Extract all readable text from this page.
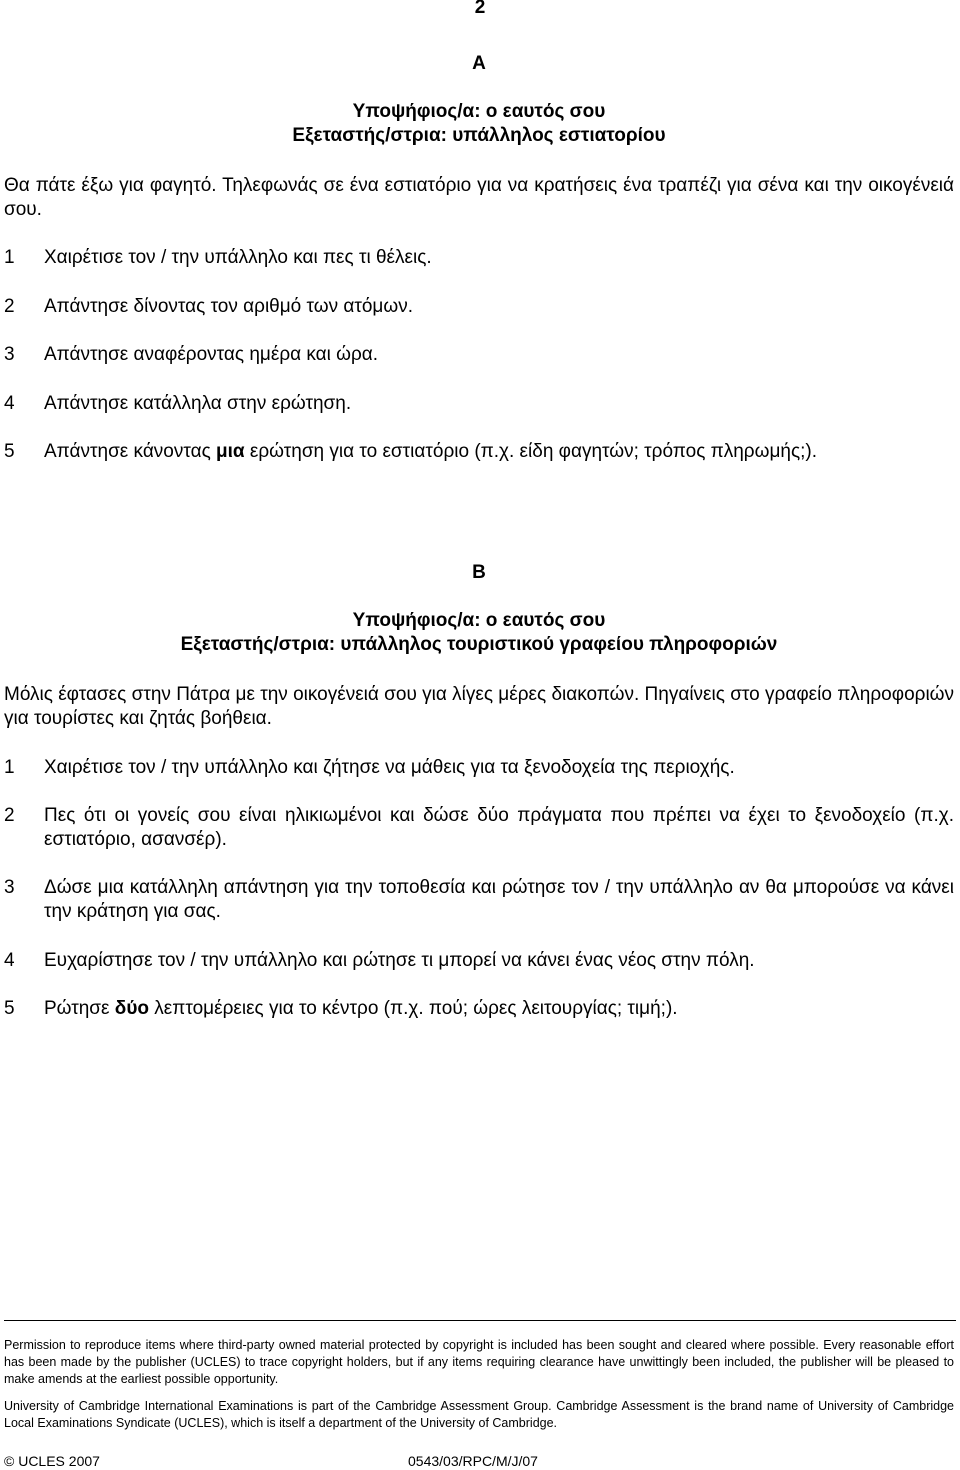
2
A
Υποψήφιος/α: ο εαυτός σου
Εξεταστής/στρια: υπάλληλος εστιατορίου
Θα πάτε έξω για φαγητό. Τηλεφωνάς σε ένα εστιατόριο για να κρατήσεις ένα τραπέζι για σένα και την οικογένειά σου.
1	Χαιρέτισε τον / την υπάλληλο και πες τι θέλεις.
2	Απάντησε δίνοντας τον αριθμό των ατόμων.
3	Απάντησε αναφέροντας ημέρα και ώρα.
4	Απάντησε κατάλληλα στην ερώτηση.
5	Απάντησε κάνοντας μια ερώτηση για το εστιατόριο (π.χ. είδη φαγητών; τρόπος πληρωμής;).
B
Υποψήφιος/α: ο εαυτός σου
Εξεταστής/στρια: υπάλληλος τουριστικού γραφείου πληροφοριών
Μόλις έφτασες στην Πάτρα με την οικογένειά σου για λίγες μέρες διακοπών. Πηγαίνεις στο γραφείο πληροφοριών για τουρίστες και ζητάς βοήθεια.
1	Χαιρέτισε τον / την υπάλληλο και ζήτησε να μάθεις για τα ξενοδοχεία της περιοχής.
2	Πες ότι οι γονείς σου είναι ηλικιωμένοι και δώσε δύο πράγματα που πρέπει να έχει το ξενοδοχείο (π.χ. εστιατόριο, ασανσέρ).
3	Δώσε μια κατάλληλη απάντηση για την τοποθεσία και ρώτησε τον / την υπάλληλο αν θα μπορούσε να κάνει την κράτηση για σας.
4	Ευχαρίστησε τον / την υπάλληλο και ρώτησε τι μπορεί να κάνει ένας νέος στην πόλη.
5	Ρώτησε δύο λεπτομέρειες για το κέντρο (π.χ. πού; ώρες λειτουργίας; τιμή;).
Permission to reproduce items where third-party owned material protected by copyright is included has been sought and cleared where possible. Every reasonable effort has been made by the publisher (UCLES) to trace copyright holders, but if any items requiring clearance have unwittingly been included, the publisher will be pleased to make amends at the earliest possible opportunity.
University of Cambridge International Examinations is part of the Cambridge Assessment Group. Cambridge Assessment is the brand name of University of Cambridge Local Examinations Syndicate (UCLES), which is itself a department of the University of Cambridge.
© UCLES 2007	0543/03/RPC/M/J/07
